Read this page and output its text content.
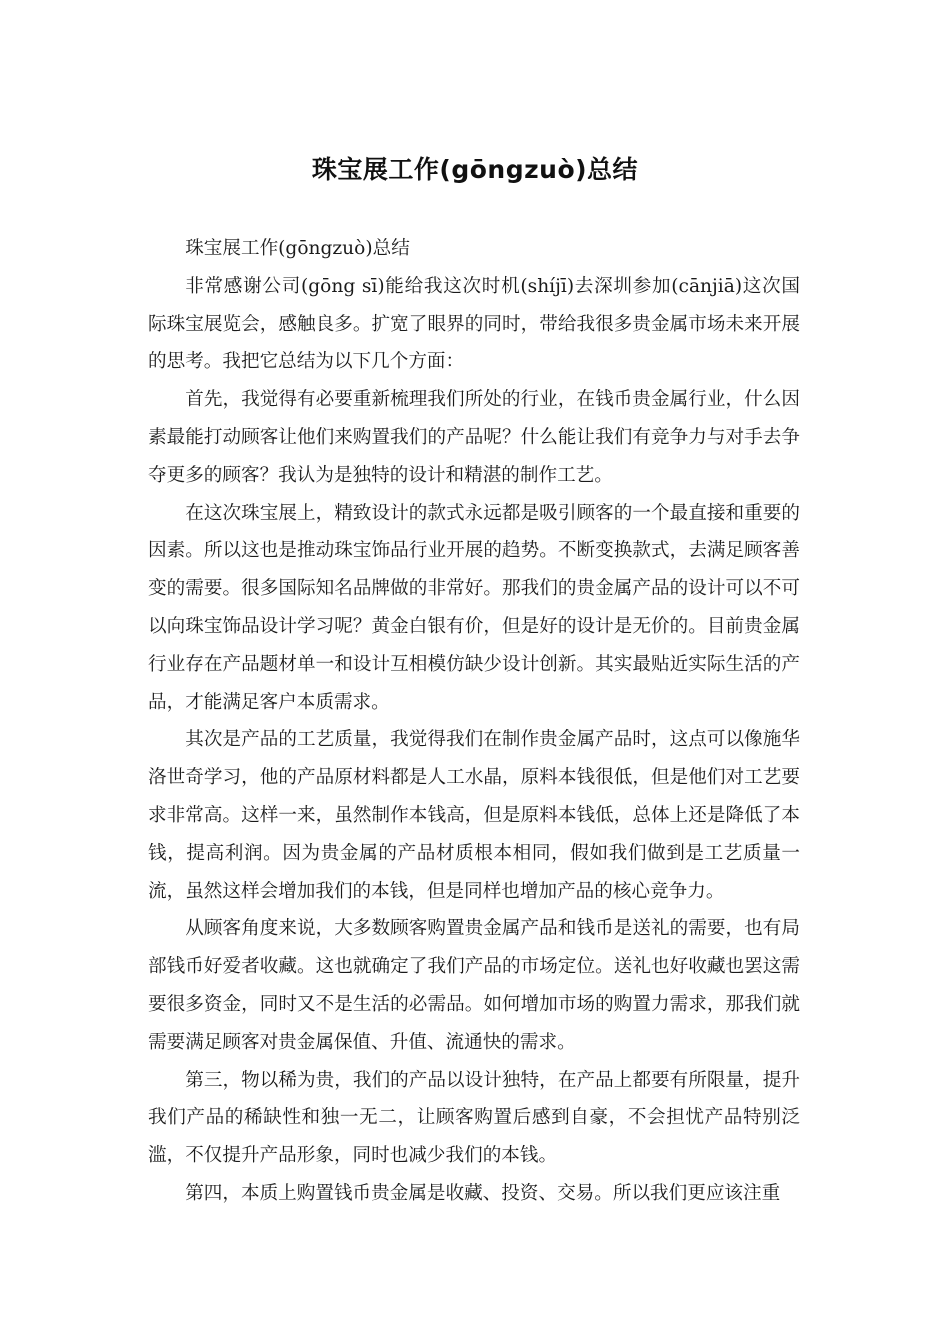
珠宝展工作(gōngzuò)总结

珠宝展工作(gōngzuò)总结

非常感谢公司(gōng sī)能给我这次时机(shíjī)去深圳参加(cānjiā)这次国际珠宝展览会，感触良多。扩宽了眼界的同时，带给我很多贵金属市场未来开展的思考。我把它总结为以下几个方面：

首先，我觉得有必要重新梳理我们所处的行业，在钱币贵金属行业，什么因素最能打动顾客让他们来购置我们的产品呢？什么能让我们有竞争力与对手去争夺更多的顾客？我认为是独特的设计和精湛的制作工艺。

在这次珠宝展上，精致设计的款式永远都是吸引顾客的一个最直接和重要的因素。所以这也是推动珠宝饰品行业开展的趋势。不断变换款式，去满足顾客善变的需要。很多国际知名品牌做的非常好。那我们的贵金属产品的设计可以不可以向珠宝饰品设计学习呢？黄金白银有价，但是好的设计是无价的。目前贵金属行业存在产品题材单一和设计互相模仿缺少设计创新。其实最贴近实际生活的产品，才能满足客户本质需求。

其次是产品的工艺质量，我觉得我们在制作贵金属产品时，这点可以像施华洛世奇学习，他的产品原材料都是人工水晶，原料本钱很低，但是他们对工艺要求非常高。这样一来，虽然制作本钱高，但是原料本钱低，总体上还是降低了本钱，提高利润。因为贵金属的产品材质根本相同，假如我们做到是工艺质量一流，虽然这样会增加我们的本钱，但是同样也增加产品的核心竞争力。

从顾客角度来说，大多数顾客购置贵金属产品和钱币是送礼的需要，也有局部钱币好爱者收藏。这也就确定了我们产品的市场定位。送礼也好收藏也罢这需要很多资金，同时又不是生活的必需品。如何增加市场的购置力需求，那我们就需要满足顾客对贵金属保值、升值、流通快的需求。

第三，物以稀为贵，我们的产品以设计独特，在产品上都要有所限量，提升我们产品的稀缺性和独一无二，让顾客购置后感到自豪，不会担忧产品特别泛滥，不仅提升产品形象，同时也减少我们的本钱。

第四，本质上购置钱币贵金属是收藏、投资、交易。所以我们更应该注重
